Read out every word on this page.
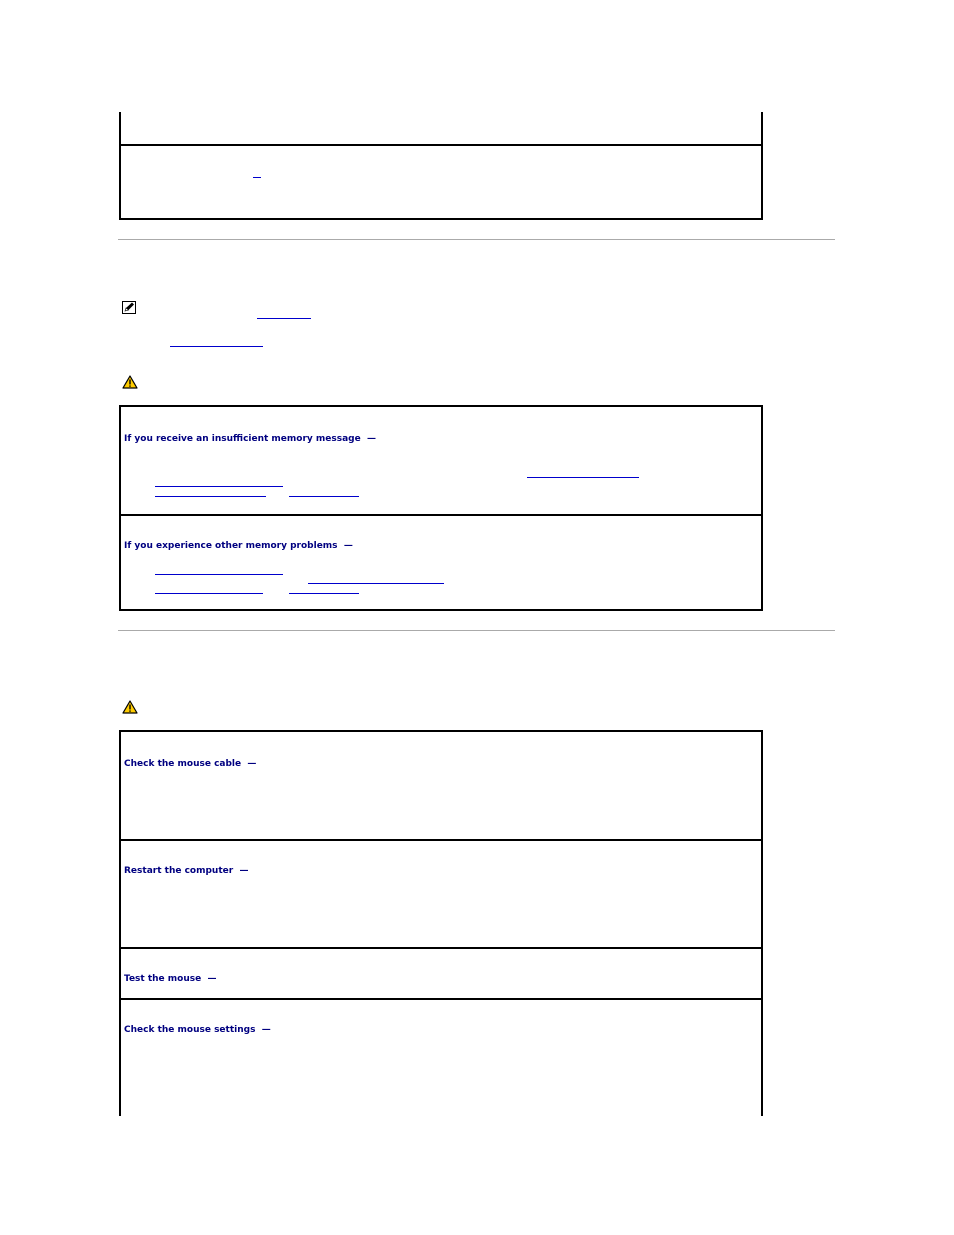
If you receive an insufficient memory message —
If you experience other memory problems —
Check the mouse cable —
Restart the computer —
Test the mouse —
Check the mouse settings —
